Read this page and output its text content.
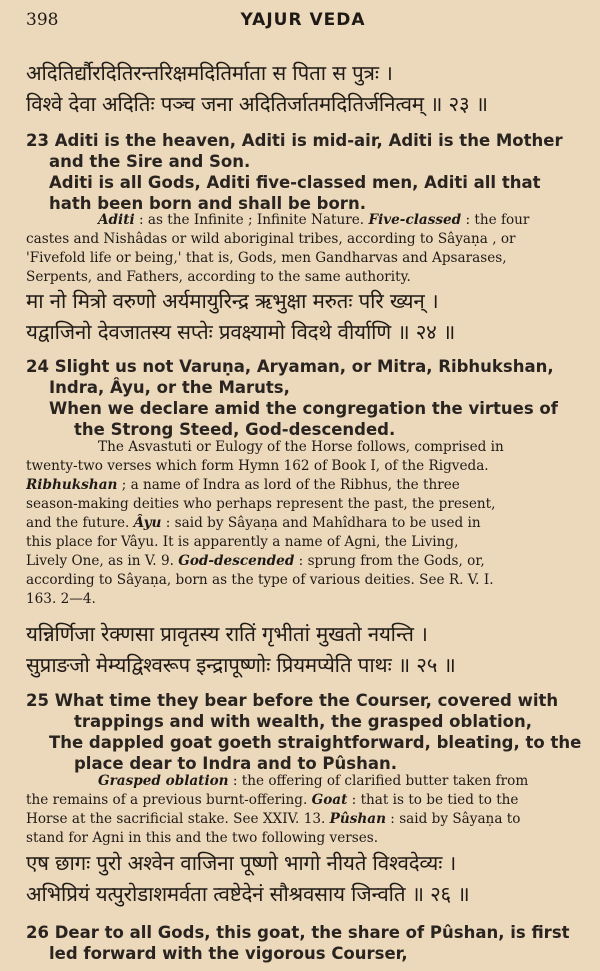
398	YAJUR VEDA
अदितिर्द्यौरदितिरन्तरिक्षमदितिर्माता स पिता स पुत्रः ।
विश्वे देवा अदितिः पञ्च जना अदितिर्जातमदितिर्जनित्वम् ॥ २३ ॥
23 Aditi is the heaven, Aditi is mid-air, Aditi is the Mother
and the Sire and Son.
Aditi is all Gods, Aditi five-classed men, Aditi all that
hath been born and shall be born.
Aditi : as the Infinite ; Infinite Nature. Five-classed : the four
castes and Nishâdas or wild aboriginal tribes, according to Sâyaṇa , or
'Fivefold life or being,' that is, Gods, men Gandharvas and Apsarases,
Serpents, and Fathers, according to the same authority.
मा नो मित्रो वरुणो अर्यमायुरिन्द्र ऋभुक्षा मरुतः परि ख्यन् ।
यद्वाजिनो देवजातस्य सप्तेः प्रवक्ष्यामो विदथे वीर्याणि ॥ २४ ॥
24 Slight us not Varuṇa, Aryaman, or Mitra, Ribhukshan,
Indra, Âyu, or the Maruts,
When we declare amid the congregation the virtues of
the Strong Steed, God-descended.
The Asvastuti or Eulogy of the Horse follows, comprised in
twenty-two verses which form Hymn 162 of Book I, of the Rigveda.
Ribhukshan ; a name of Indra as lord of the Ribhus, the three
season-making deities who perhaps represent the past, the present,
and the future. Âyu : said by Sâyaṇa and Mahîdhara to be used in
this place for Vâyu. It is apparently a name of Agni, the Living,
Lively One, as in V. 9. God-descended : sprung from the Gods, or,
according to Sâyaṇa, born as the type of various deities. See R. V. I.
163. 2—4.
यन्निर्णिजा रेक्णसा प्रावृतस्य रातिं गृभीतां मुखतो नयन्ति ।
सुप्राङजो मेम्यद्विश्वरूप इन्द्रापूष्णोः प्रियमप्येति पाथः ॥ २५ ॥
25 What time they bear before the Courser, covered with
trappings and with wealth, the grasped oblation,
The dappled goat goeth straightforward, bleating, to the
place dear to Indra and to Pûshan.
Grasped oblation : the offering of clarified butter taken from
the remains of a previous burnt-offering. Goat : that is to be tied to the
Horse at the sacrificial stake. See XXIV. 13. Pûshan : said by Sâyaṇa to
stand for Agni in this and the two following verses.
एष छागः पुरो अश्वेन वाजिना पूष्णो भागो नीयते विश्वदेव्यः ।
अभिप्रियं यत्पुरोडाशमर्वता त्वष्टेदेनं सौश्रवसाय जिन्वति ॥ २६ ॥
26 Dear to all Gods, this goat, the share of Pûshan, is first
led forward with the vigorous Courser,
